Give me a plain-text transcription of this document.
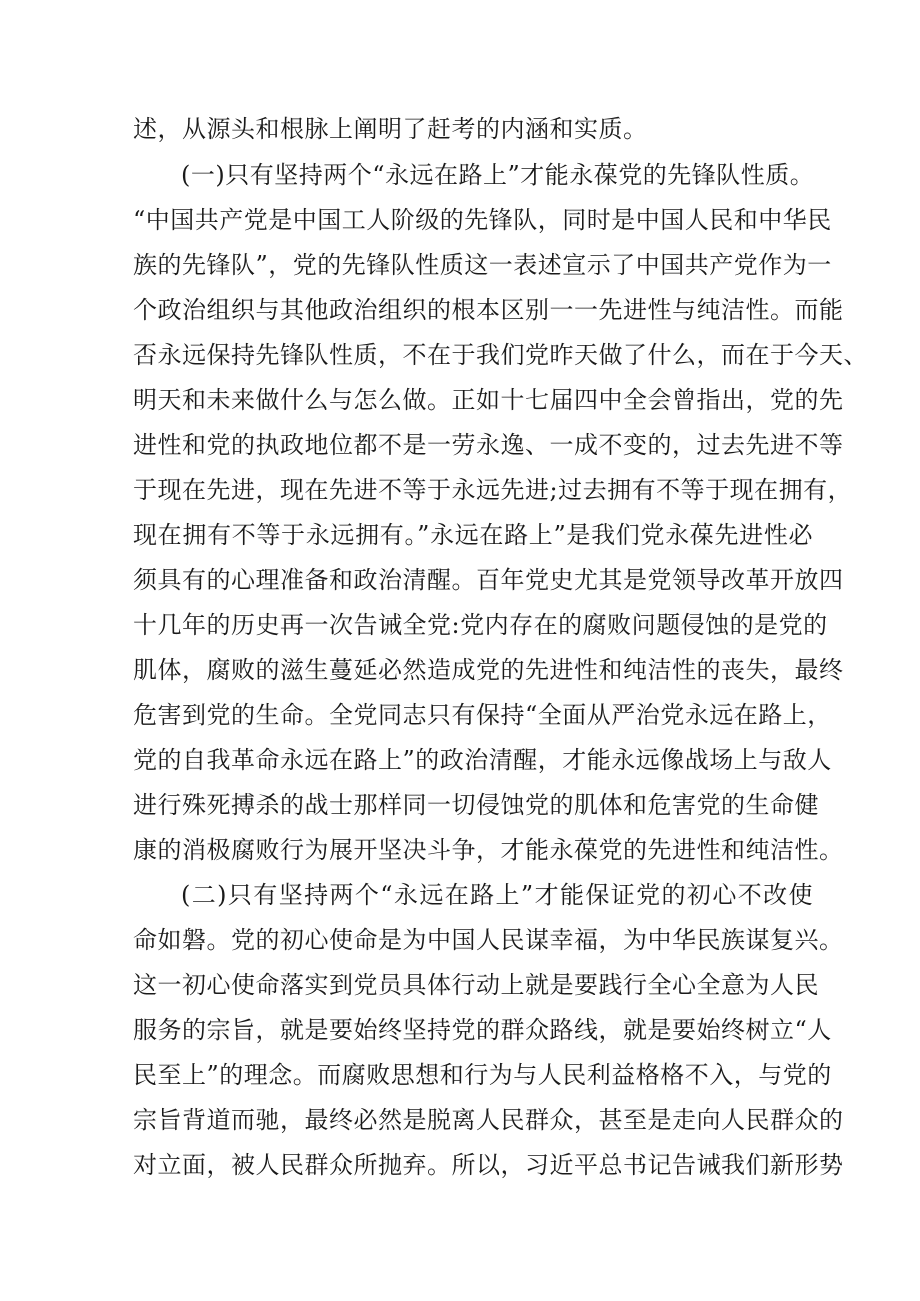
述，从源头和根脉上阐明了赶考的内涵和实质。
(一)只有坚持两个“永远在路上”才能永葆党的先锋队性质。
“中国共产党是中国工人阶级的先锋队，同时是中国人民和中华民
族的先锋队”，党的先锋队性质这一表述宣示了中国共产党作为一
个政治组织与其他政治组织的根本区别一一先进性与纯洁性。而能
否永远保持先锋队性质，不在于我们党昨天做了什么，而在于今天、
明天和未来做什么与怎么做。正如十七届四中全会曾指出，党的先
进性和党的执政地位都不是一劳永逸、一成不变的，过去先进不等
于现在先进，现在先进不等于永远先进;过去拥有不等于现在拥有，
现在拥有不等于永远拥有。”永远在路上”是我们党永葆先进性必
须具有的心理准备和政治清醒。百年党史尤其是党领导改革开放四
十几年的历史再一次告诫全党:党内存在的腐败问题侵蚀的是党的
肌体，腐败的滋生蔓延必然造成党的先进性和纯洁性的丧失，最终
危害到党的生命。全党同志只有保持“全面从严治党永远在路上，
党的自我革命永远在路上”的政治清醒，才能永远像战场上与敌人
进行殊死搏杀的战士那样同一切侵蚀党的肌体和危害党的生命健
康的消极腐败行为展开坚决斗争，才能永葆党的先进性和纯洁性。
(二)只有坚持两个“永远在路上”才能保证党的初心不改使
命如磐。党的初心使命是为中国人民谋幸福，为中华民族谋复兴。
这一初心使命落实到党员具体行动上就是要践行全心全意为人民
服务的宗旨，就是要始终坚持党的群众路线，就是要始终树立“人
民至上”的理念。而腐败思想和行为与人民利益格格不入，与党的
宗旨背道而驰，最终必然是脱离人民群众，甚至是走向人民群众的
对立面，被人民群众所抛弃。所以，习近平总书记告诫我们新形势
